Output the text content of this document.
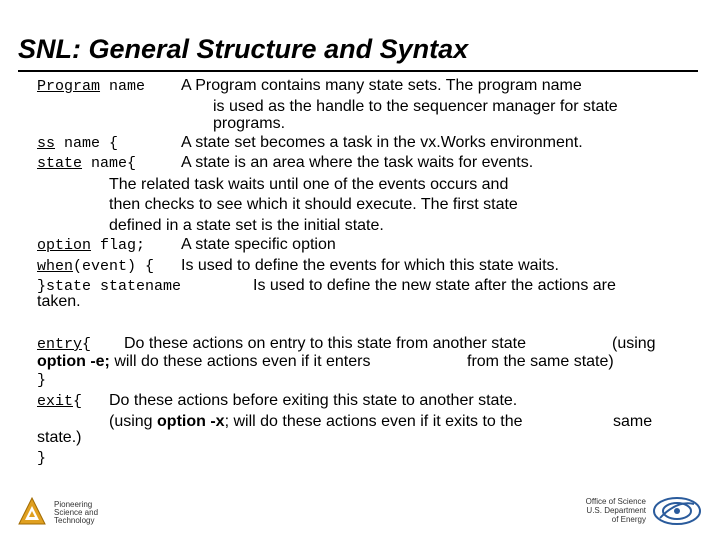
SNL: General Structure and Syntax
Program name A Program contains many state sets. The program name
is used as the handle to the sequencer manager for state
programs.
ss name {	A state set becomes a task in the vx.Works environment.
state name{	A state is an area where the task waits for events.
The related task waits until one of the events occurs and
then checks to see which it should execute. The first state
defined in a state set is the initial state.
option flag; A state specific option
when(event) { Is used to define the events for which this state waits.
}state statename	Is used to define the new state after the actions are
taken.
entry{ Do these actions on entry to this state from another state	(using
option -e; will do these actions even if it enters	from the same state)
}
exit{ Do these actions before exiting this state to another state.
(using option -x; will do these actions even if it exits to the	same
state.)
}
Pioneering
Science and
Technology
Office of Science
U.S. Department
of Energy
